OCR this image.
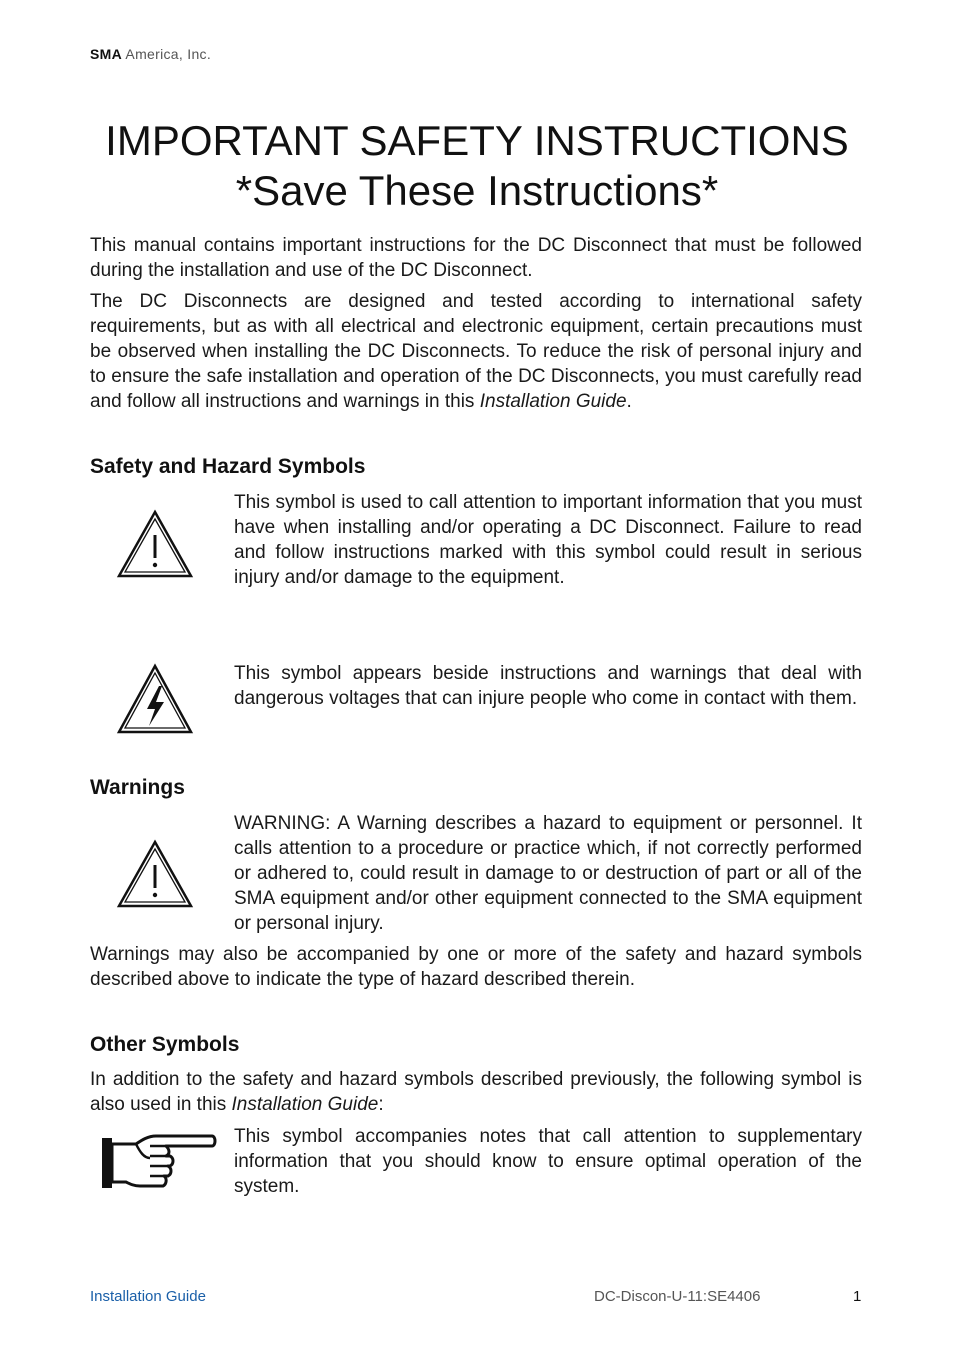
SMA America, Inc.
IMPORTANT SAFETY INSTRUCTIONS
*Save These Instructions*

This manual contains important instructions for the DC Disconnect that must be followed during the installation and use of the DC Disconnect.

The DC Disconnects are designed and tested according to international safety requirements, but as with all electrical and electronic equipment, certain precautions must be observed when installing the DC Disconnects. To reduce the risk of personal injury and to ensure the safe installation and operation of the DC Disconnects, you must carefully read and follow all instructions and warnings in this Installation Guide.

Safety and Hazard Symbols

This symbol is used to call attention to important information that you must have when installing and/or operating a DC Disconnect. Failure to read and follow instructions marked with this symbol could result in serious injury and/or damage to the equipment.

This symbol appears beside instructions and warnings that deal with dangerous voltages that can injure people who come in contact with them.

Warnings

WARNING: A Warning describes a hazard to equipment or personnel. It calls attention to a procedure or practice which, if not correctly performed or adhered to, could result in damage to or destruction of part or all of the SMA equipment and/or other equipment connected to the SMA equipment or personal injury.

Warnings may also be accompanied by one or more of the safety and hazard symbols described above to indicate the type of hazard described therein.

Other Symbols

In addition to the safety and hazard symbols described previously, the following symbol is also used in this Installation Guide:

This symbol accompanies notes that call attention to supplementary information that you should know to ensure optimal operation of the system.

Installation Guide	DC-Discon-U-11:SE4406	1
